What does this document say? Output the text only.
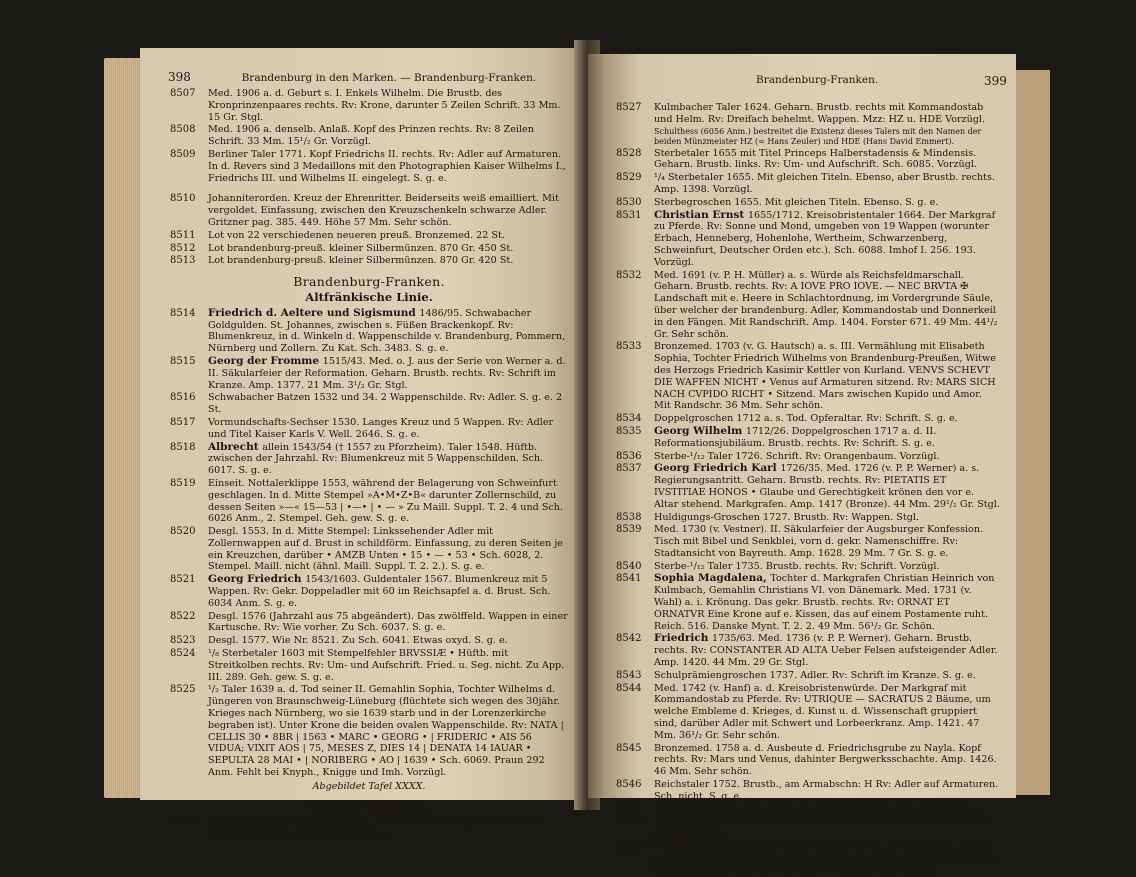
398	Brandenburg in den Marken. — Brandenburg-Franken.
8507 Med. 1906 a. d. Geburt s. I. Enkels Wilhelm. Die Brustb. des Kronprinzenpaares rechts. Rv: Krone, darunter 5 Zeilen Schrift. 33 Mm. 15 Gr. Stgl.
8508 Med. 1906 a. denselb. Anlaß. Kopf des Prinzen rechts. Rv: 8 Zeilen Schrift. 33 Mm. 15¹/₂ Gr. Vorzügl.
8509 Berliner Taler 1771. Kopf Friedrichs II. rechts. Rv: Adler auf Armaturen. In d. Revers sind 3 Medaillons mit den Photographien Kaiser Wilhelms I., Friedrichs III. und Wilhelms II. eingelegt. S. g. e.
8510 Johanniterorden. Kreuz der Ehrenritter. Beiderseits weiß emailliert. Mit vergoldet. Einfassung, zwischen den Kreuzschenkeln schwarze Adler. Gritzner pag. 385. 449. Höhe 57 Mm. Sehr schön.
8511 Lot von 22 verschiedenen neueren preuß. Bronzemed. 22 St.
8512 Lot brandenburg-preuß. kleiner Silbermünzen. 870 Gr. 450 St.
8513 Lot brandenburg-preuß. kleiner Silbermünzen. 870 Gr. 420 St.
Brandenburg-Franken.
Altfränkische Linie.
8514 Friedrich d. Aeltere und Sigismund 1486/95. Schwabacher Goldgulden. St. Johannes, zwischen s. Füßen Brackenkopf. Rv: Blumenkreuz, in d. Winkeln d. Wappenschilde v. Brandenburg, Pommern, Nürnberg und Zollern. Zu Kat. Sch. 3483. S. g. e.
8515 Georg der Fromme 1515/43. Med. o. J. aus der Serie von Werner a. d. II. Säkularfeier der Reformation. Geharn. Brustb. rechts. Rv: Schrift im Kranze. Amp. 1377. 21 Mm. 3¹/₂ Gr. Stgl.
8516 Schwabacher Batzen 1532 und 34. 2 Wappenschilde. Rv: Adler. S. g. e. 2 St.
8517 Vormundschafts-Sechser 1530. Langes Kreuz und 5 Wappen. Rv: Adler und Titel Kaiser Karls V. Well. 2646. S. g. e.
8518 Albrecht allein 1543/54 († 1557 zu Pforzheim). Taler 1548. Hüftb. zwischen der Jahrzahl. Rv: Blumenkreuz mit 5 Wappenschilden. Sch. 6017. S. g. e.
8519 Einseit. Nottalerklippe 1553, während der Belagerung von Schweinfurt geschlagen. In d. Mitte Stempel »A•M•Z•B« darunter Zollernschild, zu dessen Seiten »—« 15—53 | •—• | • — » Zu Maill. Suppl. T. 2. 4 und Sch. 6026 Anm., 2. Stempel. Geh. gew. S. g. e.
8520 Desgl. 1553. In d. Mitte Stempel: Linkssehender Adler mit Zollernwappen auf d. Brust in schildförm. Einfassung, zu deren Seiten je ein Kreuzchen, darüber • AMZB Unten • 15 • — • 53 • Sch. 6028, 2. Stempel. Maill. nicht (ähnl. Maill. Suppl. T. 2. 2.). S. g. e.
8521 Georg Friedrich 1543/1603. Guldentaler 1567. Blumenkreuz mit 5 Wappen. Rv: Gekr. Doppeladler mit 60 im Reichsapfel a. d. Brust. Sch. 6034 Anm. S. g. e.
8522 Desgl. 1576 (Jahrzahl aus 75 abgeändert). Das zwölffeld. Wappen in einer Kartusche. Rv: Wie vorher. Zu Sch. 6037. S. g. e.
8523 Desgl. 1577. Wie Nr. 8521. Zu Sch. 6041. Etwas oxyd. S. g. e.
8524 ¹/₈ Sterbetaler 1603 mit Stempelfehler BRVSSIÆ • Hüftb. mit Streitkolben rechts. Rv: Um- und Aufschrift. Fried. u. Seg. nicht. Zu App. III. 289. Geh. gew. S. g. e.
8525 ¹/₂ Taler 1639 a. d. Tod seiner II. Gemahlin Sophia, Tochter Wilhelms d. Jüngeren von Braunschweig-Lüneburg (flüchtete sich wegen des 30jähr. Krieges nach Nürnberg, wo sie 1639 starb und in der Lorenzerkirche begraben ist). Unter Krone die beiden ovalen Wappenschilde. Rv: NATA | CELLIS 30 • 8BR | 1563 • MARC • GEORG • | FRIDERIC • AIS 56 VIDUA; VIXIT AOS | 75, MESES Z, DIES 14 | DENATA 14 IAUAR • SEPULTA 28 MAI • | NORIBERG • AO | 1639 • Sch. 6069. Praun 292 Anm. Fehlt bei Knyph., Knigge und Imh. Vorzügl.
Abgebildet Tafel XXXX.
Linie zu Bayreuth.
8526 Christian 1603/55. Dukat 1631. Der geharn. Markgraf stehend. Rv: Vielfeld. Wappen. Soothe 898. S. g. e.
Brandenburg-Franken.	399
8527 Kulmbacher Taler 1624. Geharn. Brustb. rechts mit Kommandostab und Helm. Rv: Dreifach behelmt. Wappen. Mzz: HZ u. HDE Vorzügl.
Schulthess (6056 Anm.) bestreitet die Existenz dieses Talers mit den Namen der beiden Münzmeister HZ (= Hans Zeuler) und HDE (Hans David Emmert).
8528 Sterbetaler 1655 mit Titel Princeps Halberstadensis & Mindensis. Geharn. Brustb. links. Rv: Um- und Aufschrift. Sch. 6085. Vorzügl.
8529 ¹/₄ Sterbetaler 1655. Mit gleichen Titeln. Ebenso, aber Brustb. rechts. Amp. 1398. Vorzügl.
8530 Sterbegroschen 1655. Mit gleichen Titeln. Ebenso. S. g. e.
8531 Christian Ernst 1655/1712. Kreisobristentaler 1664. Der Markgraf zu Pferde. Rv: Sonne und Mond, umgeben von 19 Wappen (worunter Erbach, Henneberg, Hohenlohe, Wertheim, Schwarzenberg, Schweinfurt, Deutscher Orden etc.). Sch. 6088. Imhof I. 256. 193. Vorzügl.
8532 Med. 1691 (v. P. H. Müller) a. s. Würde als Reichsfeldmarschall. Geharn. Brustb. rechts. Rv: A IOVE PRO IOVE. — NEC BRVTA ✠ Landschaft mit e. Heere in Schlachtordnung, im Vordergrunde Säule, über welcher der brandenburg. Adler, Kommandostab und Donnerkeil in den Fängen. Mit Randschrift. Amp. 1404. Forster 671. 49 Mm. 44¹/₂ Gr. Sehr schön.
8533 Bronzemed. 1703 (v. G. Hautsch) a. s. III. Vermählung mit Elisabeth Sophia, Tochter Friedrich Wilhelms von Brandenburg-Preußen, Witwe des Herzogs Friedrich Kasimir Kettler von Kurland. VENVS SCHEVT DIE WAFFEN NICHT • Venus auf Armaturen sitzend. Rv: MARS SICH NACH CVPIDO RICHT • Sitzend. Mars zwischen Kupido und Amor. Mit Randschr. 36 Mm. Sehr schön.
8534 Doppelgroschen 1712 a. s. Tod. Opferaltar. Rv: Schrift. S. g. e.
8535 Georg Wilhelm 1712/26. Doppelgroschen 1717 a. d. II. Reformationsjubiläum. Brustb. rechts. Rv: Schrift. S. g. e.
8536 Sterbe-¹/₁₂ Taler 1726. Schrift. Rv: Orangenbaum. Vorzügl.
8537 Georg Friedrich Karl 1726/35. Med. 1726 (v. P. P. Werner) a. s. Regierungsantritt. Geharn. Brustb. rechts. Rv: PIETATIS ET IVSTITIAE HONOS • Glaube und Gerechtigkeit krönen den vor e. Altar stehend. Markgrafen. Amp. 1417 (Bronze). 44 Mm. 29¹/₂ Gr. Stgl.
8538 Huldigungs-Groschen 1727. Brustb. Rv: Wappen. Stgl.
8539 Med. 1730 (v. Vestner). II. Säkularfeier der Augsburger Konfession. Tisch mit Bibel und Senkblei, vorn d. gekr. Namenschiffre. Rv: Stadtansicht von Bayreuth. Amp. 1628. 29 Mm. 7 Gr. S. g. e.
8540 Sterbe-¹/₁₂ Taler 1735. Brustb. rechts. Rv: Schrift. Vorzügl.
8541 Sophia Magdalena, Tochter d. Markgrafen Christian Heinrich von Kulmbach, Gemahlin Christians VI. von Dänemark. Med. 1731 (v. Wahl) a. i. Krönung. Das gekr. Brustb. rechts. Rv: ORNAT ET ORNATVR Eine Krone auf e. Kissen, das auf einem Postamente ruht. Reich. 516. Danske Mynt. T. 2. 2. 49 Mm. 56¹/₂ Gr. Schön.
8542 Friedrich 1735/63. Med. 1736 (v. P. P. Werner). Geharn. Brustb. rechts. Rv: CONSTANTER AD ALTA Ueber Felsen aufsteigender Adler. Amp. 1420. 44 Mm. 29 Gr. Stgl.
8543 Schulprämiengroschen 1737. Adler. Rv: Schrift im Kranze. S. g. e.
8544 Med. 1742 (v. Hanf) a. d. Kreisobristenwürde. Der Markgraf mit Kommandostab zu Pferde. Rv: UTRIQUE — SACRATUS 2 Bäume, um welche Embleme d. Krieges, d. Kunst u. d. Wissenschaft gruppiert sind, darüber Adler mit Schwert und Lorbeerkranz. Amp. 1421. 47 Mm. 36¹/₂ Gr. Sehr schön.
8545 Bronzemed. 1758 a. d. Ausbeute d. Friedrichsgrube zu Nayla. Kopf rechts. Rv: Mars und Venus, dahinter Bergwerksschachte. Amp. 1426. 46 Mm. Sehr schön.
8546 Reichstaler 1752. Brustb., am Armabschn: H Rv: Adler auf Armaturen. Sch. nicht. S. g. e.
8547 ²/₃ Taler 1758. Brustb. rechts. Rv: Gekr. Wappen. Sch. 6121. S. g. e.
8548 ¹/₂ Konventionstaler 1763 a. s. Tod. Brustb. Rv: 15 Zeilen Schrift. Sch. 6126. Vorzügl.
8549 Friedrich Christian 1763/69. Dukat 1764 a. s. Geburtstag. Brustb. rechts. Rv: Im Strahlenkreise Buch, Szepter, Schwert, Wage etc. unter Krone, darüber GLORIA PRINCIPVM Soothe 909. Vorzügl.
